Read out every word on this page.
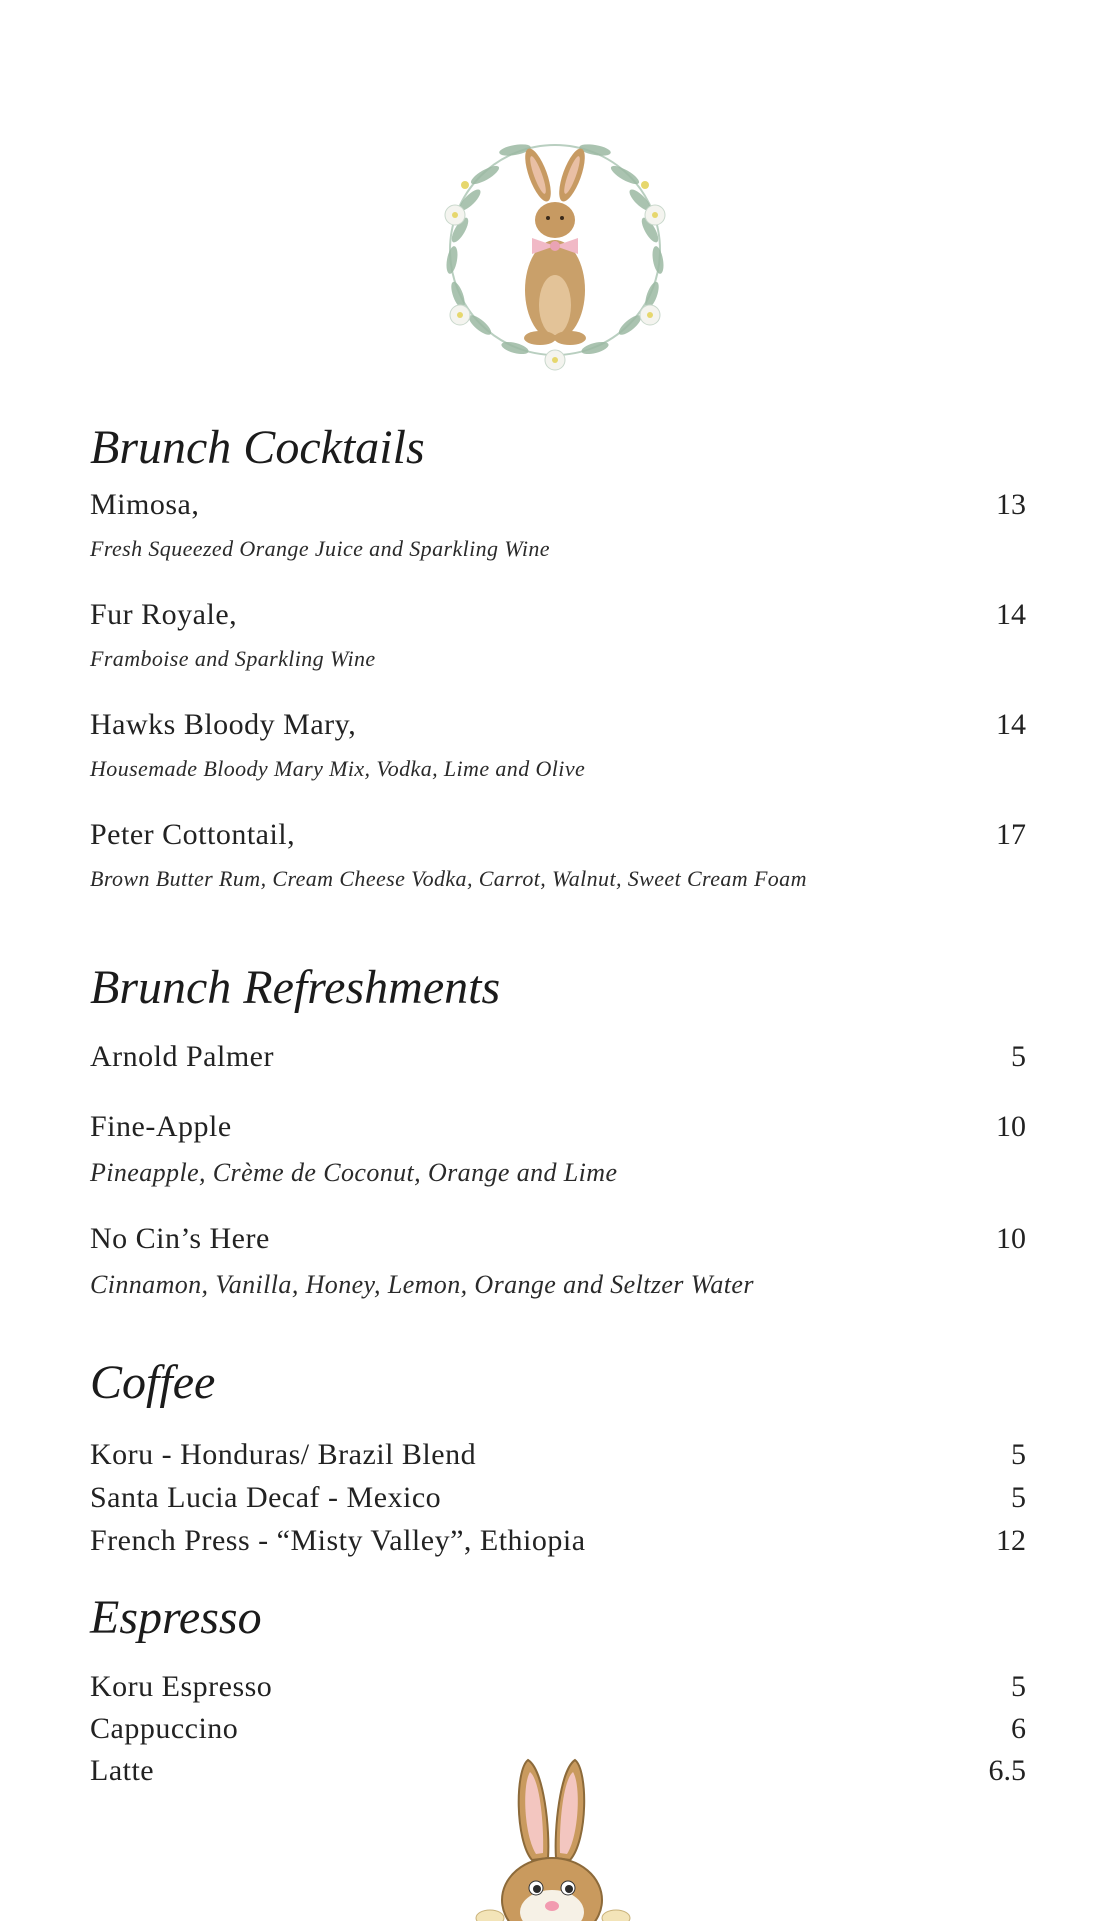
Brunch Cocktails
Mimosa,	13
Fresh Squeezed Orange Juice and Sparkling Wine
Fur Royale,	14
Framboise and Sparkling Wine
Hawks Bloody Mary,	14
Housemade Bloody Mary Mix, Vodka, Lime and Olive
Peter Cottontail,	17
Brown Butter Rum, Cream Cheese Vodka, Carrot, Walnut, Sweet Cream Foam
Brunch Refreshments
Arnold Palmer	5
Fine-Apple	10
Pineapple, Crème de Coconut, Orange and Lime
No Cin’s Here	10
Cinnamon, Vanilla, Honey, Lemon, Orange and Seltzer Water
Coffee
Koru - Honduras/ Brazil Blend	5
Santa Lucia Decaf - Mexico	5
French Press - “Misty Valley”, Ethiopia	12
Espresso
Koru Espresso	5
Cappuccino	6
Latte	6.5
